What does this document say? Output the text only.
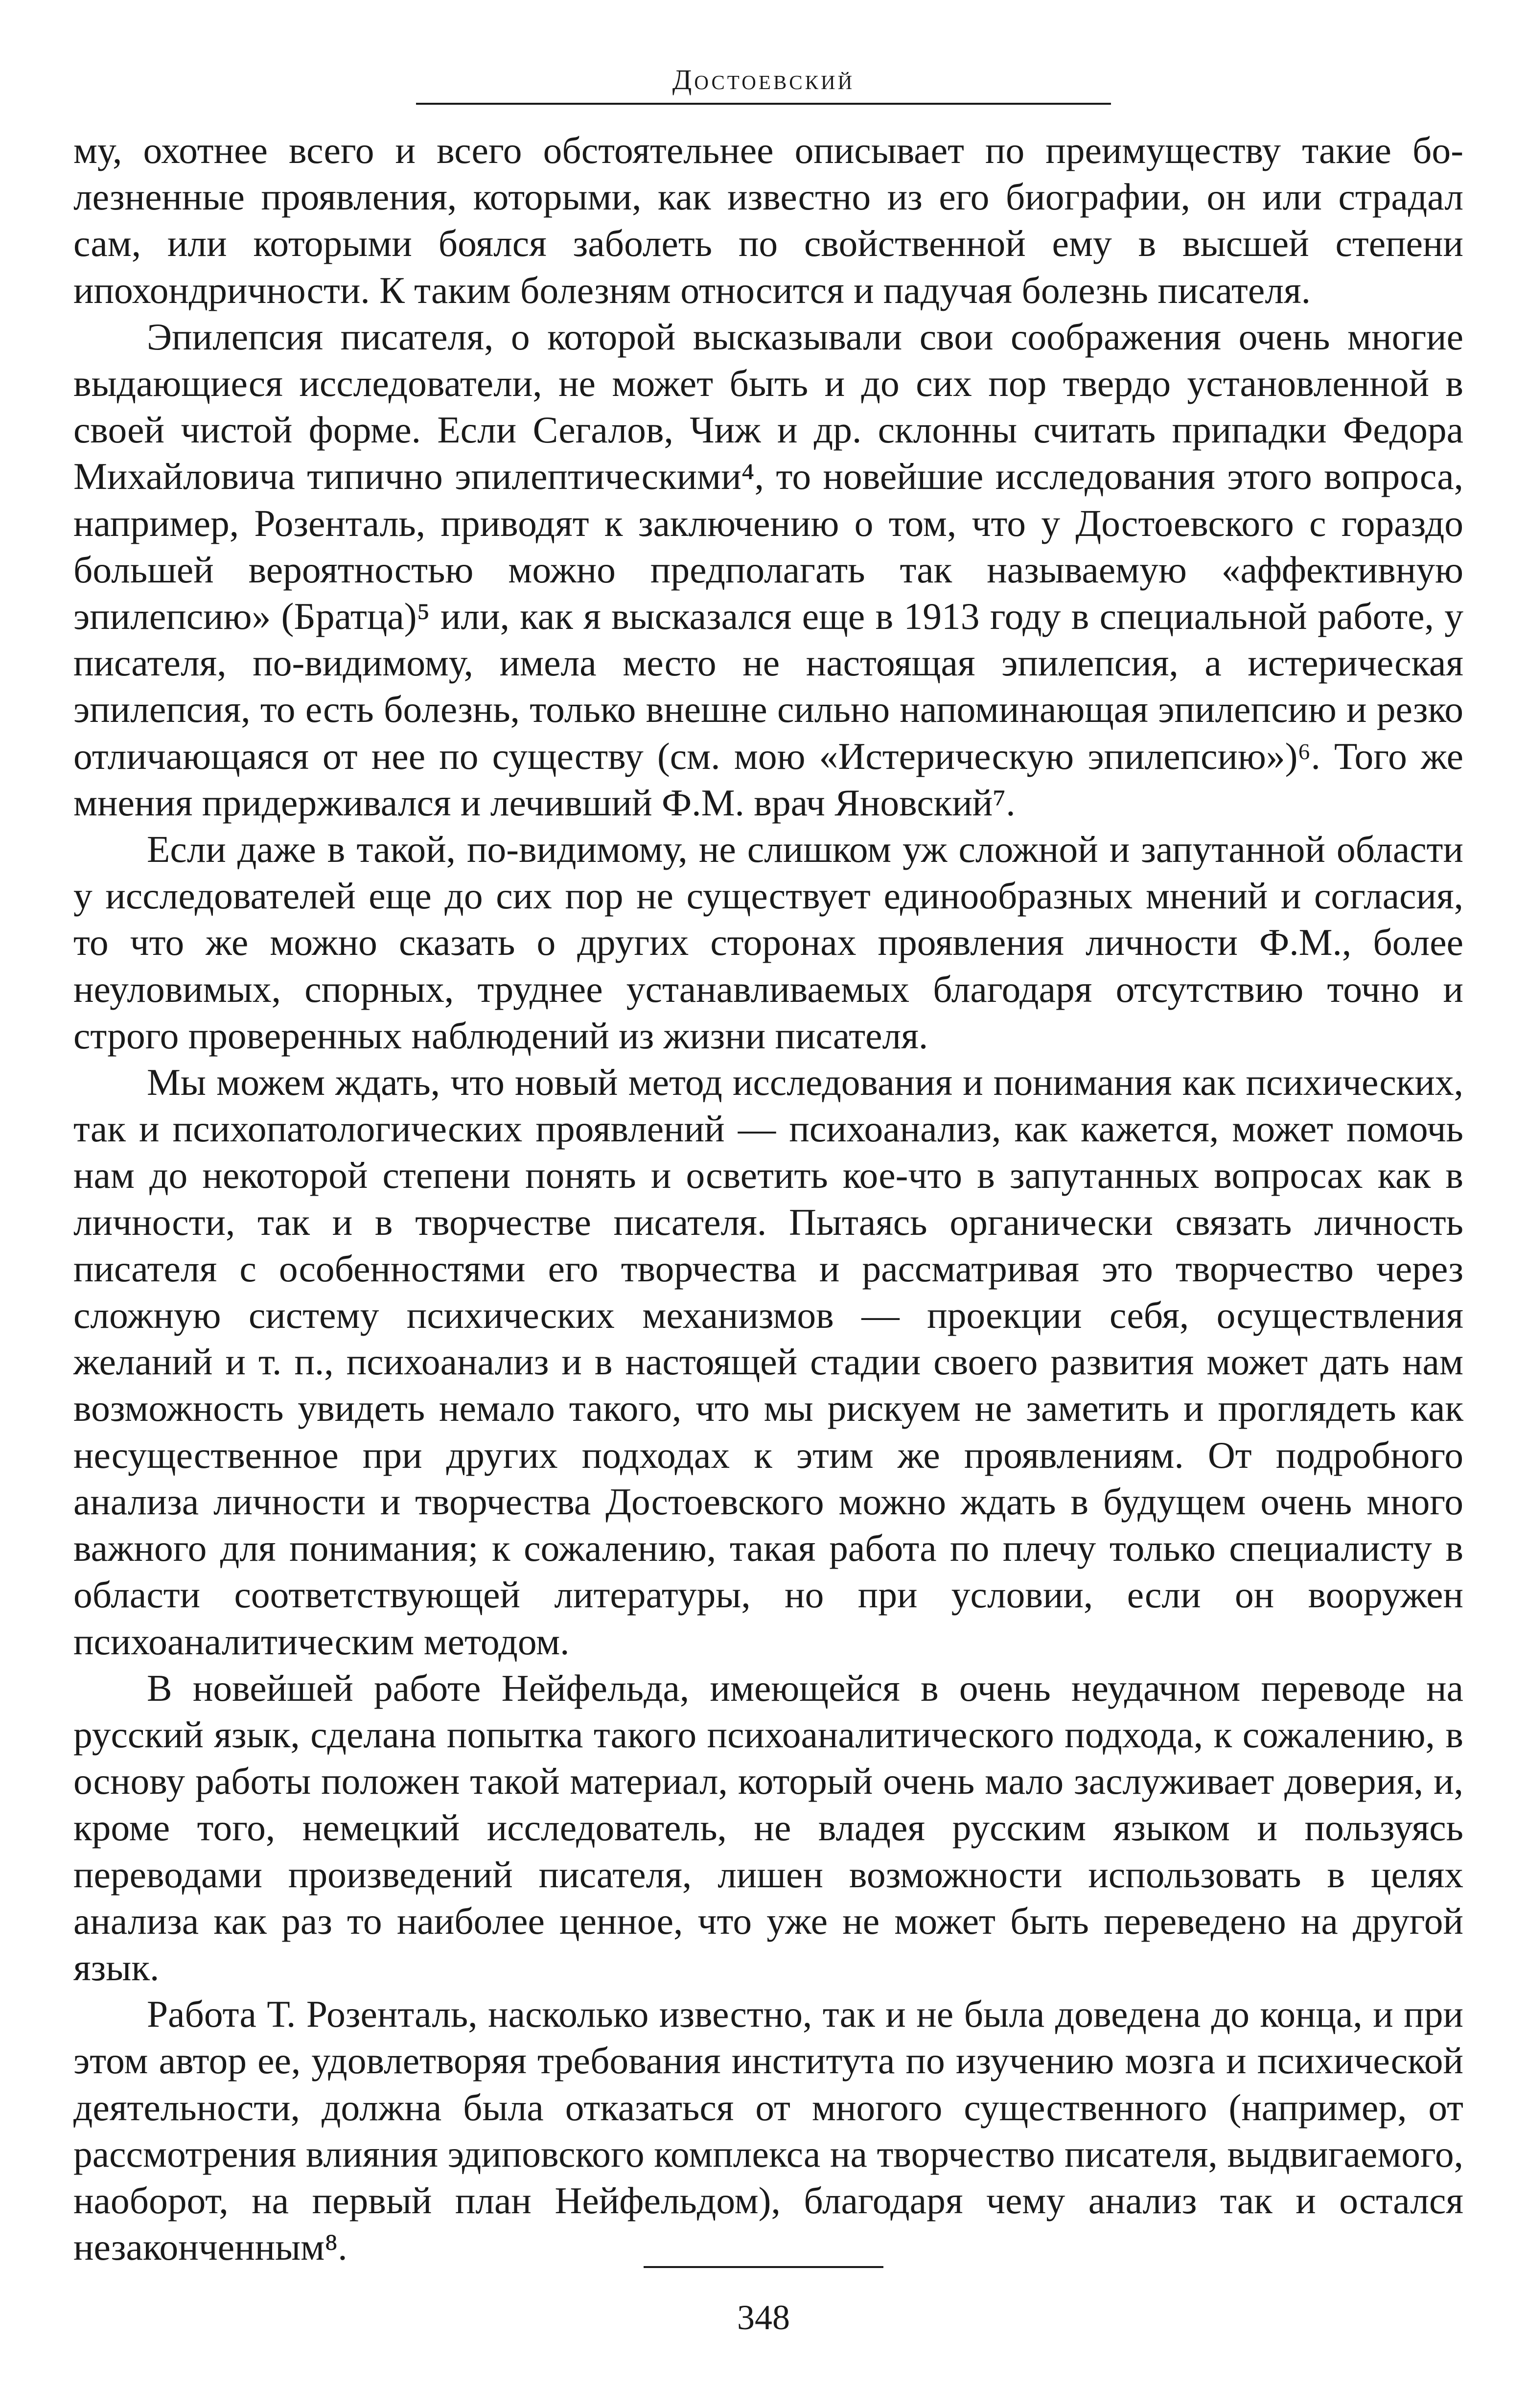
Достоевский

му, охотнее всего и всего обстоятельнее описывает по преимуществу такие болезненные проявления, которыми, как известно из его биографии, он или страдал сам, или которыми боялся заболеть по свойственной ему в высшей степени ипохондричности. К таким болезням относится и падучая болезнь писателя.

Эпилепсия писателя, о которой высказывали свои соображения очень многие выдающиеся исследователи, не может быть и до сих пор твердо установленной в своей чистой форме. Если Сегалов, Чиж и др. склонны считать припадки Федора Михайловича типично эпилептическими⁴, то новейшие исследования этого вопроса, например, Розенталь, приводят к заключению о том, что у Достоевского с гораздо большей вероятностью можно предполагать так называемую «аффективную эпилепсию» (Братца)⁵ или, как я высказался еще в 1913 году в специальной работе, у писателя, по-видимому, имела место не настоящая эпилепсия, а истерическая эпилепсия, то есть болезнь, только внешне сильно напоминающая эпилепсию и резко отличающаяся от нее по существу (см. мою «Истерическую эпилепсию»)⁶. Того же мнения придерживался и лечивший Ф.М. врач Яновский⁷.

Если даже в такой, по-видимому, не слишком уж сложной и запутанной области у исследователей еще до сих пор не существует единообразных мнений и согласия, то что же можно сказать о других сторонах проявления личности Ф.М., более неуловимых, спорных, труднее устанавливаемых благодаря отсутствию точно и строго проверенных наблюдений из жизни писателя.

Мы можем ждать, что новый метод исследования и понимания как психических, так и психопатологических проявлений — психоанализ, как кажется, может помочь нам до некоторой степени понять и осветить кое-что в запутанных вопросах как в личности, так и в творчестве писателя. Пытаясь органически связать личность писателя с особенностями его творчества и рассматривая это творчество через сложную систему психических механизмов — проекции себя, осуществления желаний и т. п., психоанализ и в настоящей стадии своего развития может дать нам возможность увидеть немало такого, что мы рискуем не заметить и проглядеть как несущественное при других подходах к этим же проявлениям. От подробного анализа личности и творчества Достоевского можно ждать в будущем очень много важного для понимания; к сожалению, такая работа по плечу только специалисту в области соответствующей литературы, но при условии, если он вооружен психоаналитическим методом.

В новейшей работе Нейфельда, имеющейся в очень неудачном переводе на русский язык, сделана попытка такого психоаналитического подхода, к сожалению, в основу работы положен такой материал, который очень мало заслуживает доверия, и, кроме того, немецкий исследователь, не владея русским языком и пользуясь переводами произведений писателя, лишен возможности использовать в целях анализа как раз то наиболее ценное, что уже не может быть переведено на другой язык.

Работа Т. Розенталь, насколько известно, так и не была доведена до конца, и при этом автор ее, удовлетворяя требования института по изучению мозга и психической деятельности, должна была отказаться от многого существенного (например, от рассмотрения влияния эдиповского комплекса на творчество писателя, выдвигаемого, наоборот, на первый план Нейфельдом), благодаря чему анализ так и остался незаконченным⁸.

348
